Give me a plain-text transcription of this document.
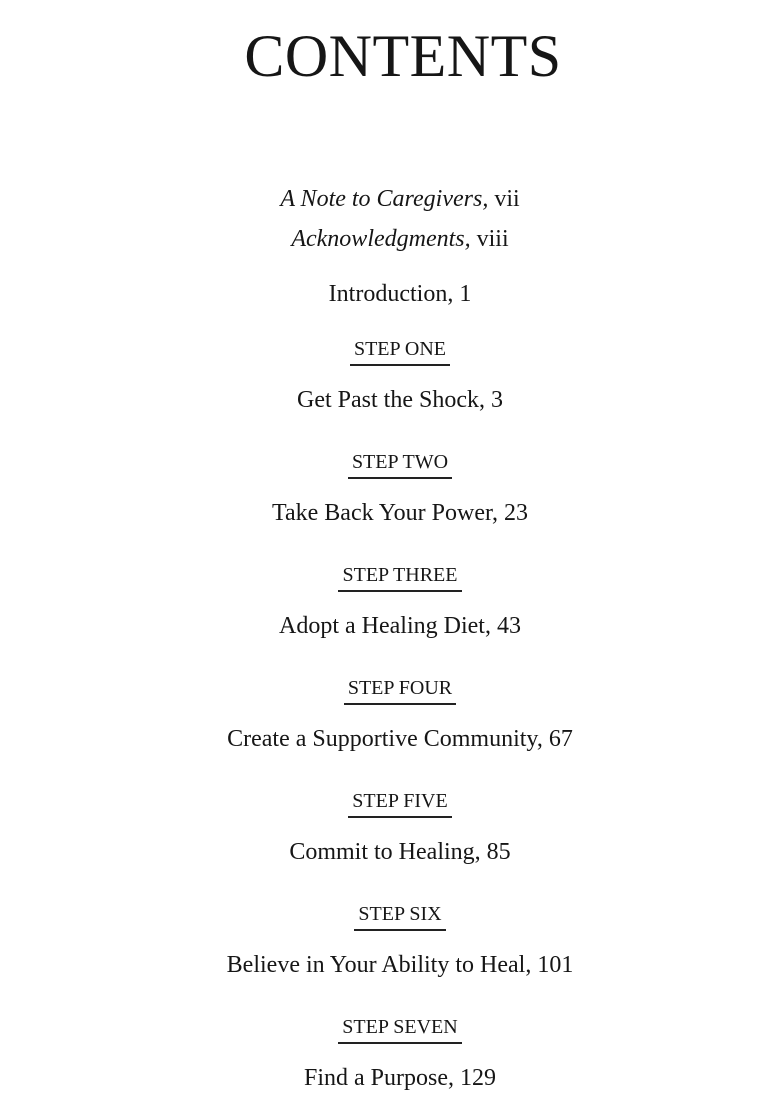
CONTENTS
A Note to Caregivers, vii
Acknowledgments, viii
Introduction, 1
STEP ONE
Get Past the Shock, 3
STEP TWO
Take Back Your Power, 23
STEP THREE
Adopt a Healing Diet, 43
STEP FOUR
Create a Supportive Community, 67
STEP FIVE
Commit to Healing, 85
STEP SIX
Believe in Your Ability to Heal, 101
STEP SEVEN
Find a Purpose, 129
